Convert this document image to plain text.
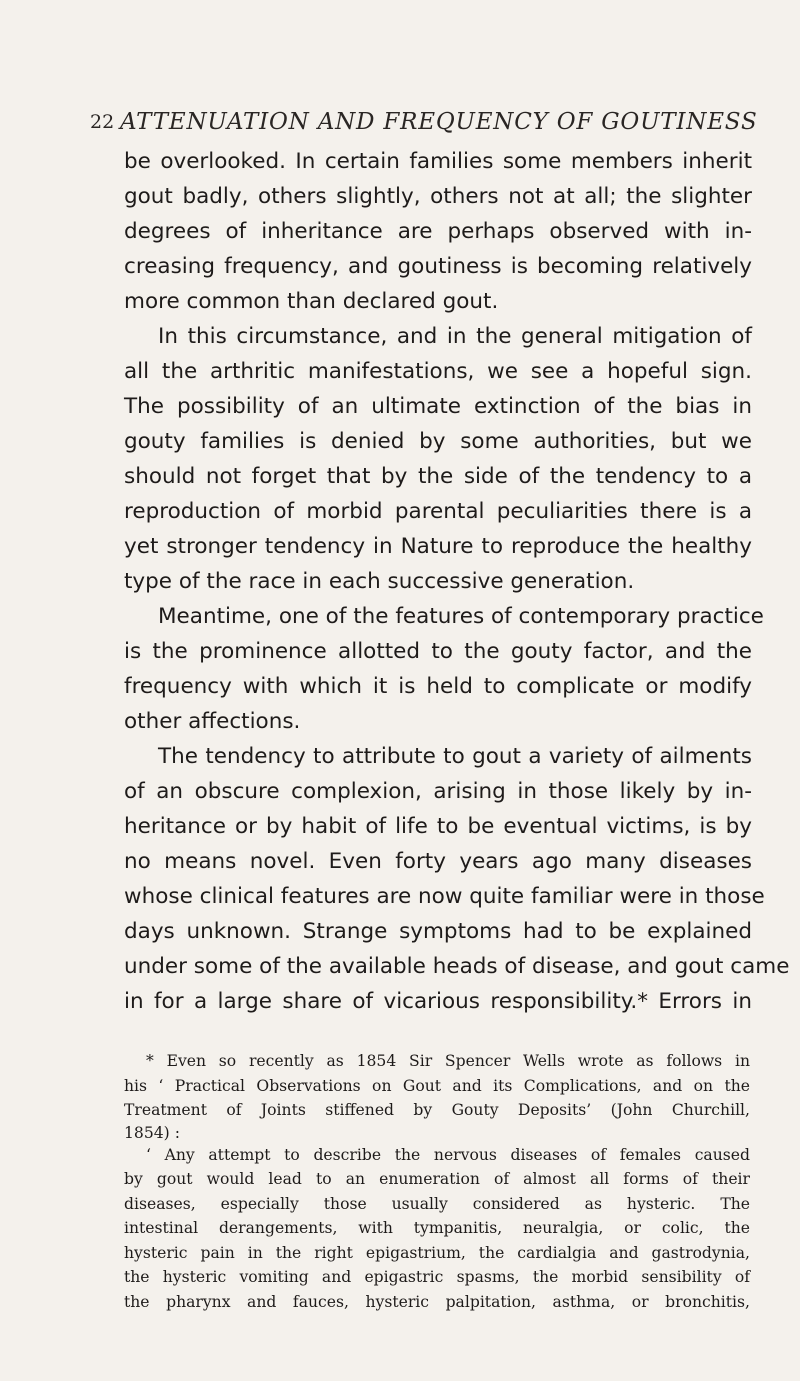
22 ATTENUATION AND FREQUENCY OF GOUTINESS
be overlooked. In certain families some members inherit
gout badly, others slightly, others not at all; the slighter
degrees of inheritance are perhaps observed with in-
creasing frequency, and goutiness is becoming relatively
more common than declared gout.
In this circumstance, and in the general mitigation of
all the arthritic manifestations, we see a hopeful sign.
The possibility of an ultimate extinction of the bias in
gouty families is denied by some authorities, but we
should not forget that by the side of the tendency to a
reproduction of morbid parental peculiarities there is a
yet stronger tendency in Nature to reproduce the healthy
type of the race in each successive generation.
Meantime, one of the features of contemporary practice
is the prominence allotted to the gouty factor, and the
frequency with which it is held to complicate or modify
other affections.
The tendency to attribute to gout a variety of ailments
of an obscure complexion, arising in those likely by in-
heritance or by habit of life to be eventual victims, is by
no means novel. Even forty years ago many diseases
whose clinical features are now quite familiar were in those
days unknown. Strange symptoms had to be explained
under some of the available heads of disease, and gout came
in for a large share of vicarious responsibility.* Errors in
* Even so recently as 1854 Sir Spencer Wells wrote as follows in
his ‘ Practical Observations on Gout and its Complications, and on the
Treatment of Joints stiffened by Gouty Deposits’ (John Churchill,
1854) :
‘ Any attempt to describe the nervous diseases of females caused
by gout would lead to an enumeration of almost all forms of their
diseases, especially those usually considered as hysteric. The
intestinal derangements, with tympanitis, neuralgia, or colic, the
hysteric pain in the right epigastrium, the cardialgia and gastrodynia,
the hysteric vomiting and epigastric spasms, the morbid sensibility of
the pharynx and fauces, hysteric palpitation, asthma, or bronchitis,
